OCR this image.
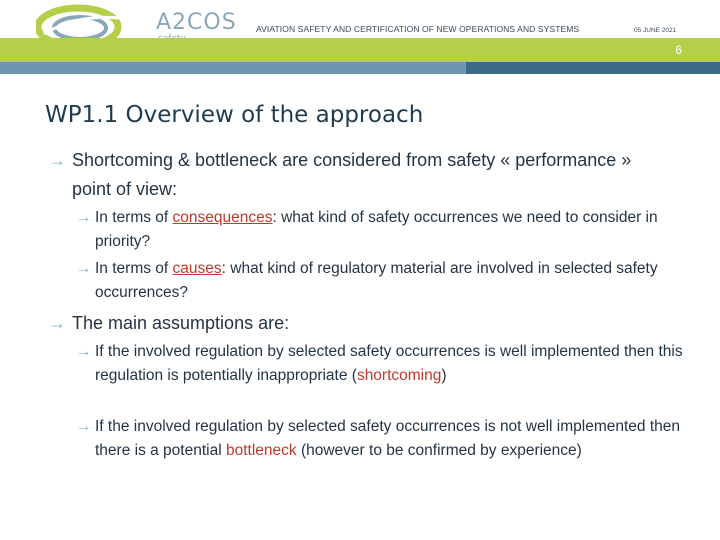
A2COS AVIATION SAFETY AND CERTIFICATION OF NEW OPERATIONS AND SYSTEMS	05 JUNE 2021
6
WP1.1 Overview of the approach
→ Shortcoming & bottleneck are considered from safety « performance » point of view:
→ In terms of consequences: what kind of safety occurrences we need to consider in priority?
→ In terms of causes: what kind of regulatory material are involved in selected safety occurrences?
→ The main assumptions are:
→ If the involved regulation by selected safety occurrences is well implemented then this regulation is potentially inappropriate (shortcoming)
→ If the involved regulation by selected safety occurrences is not well implemented then there is a potential bottleneck (however to be confirmed by experience)
